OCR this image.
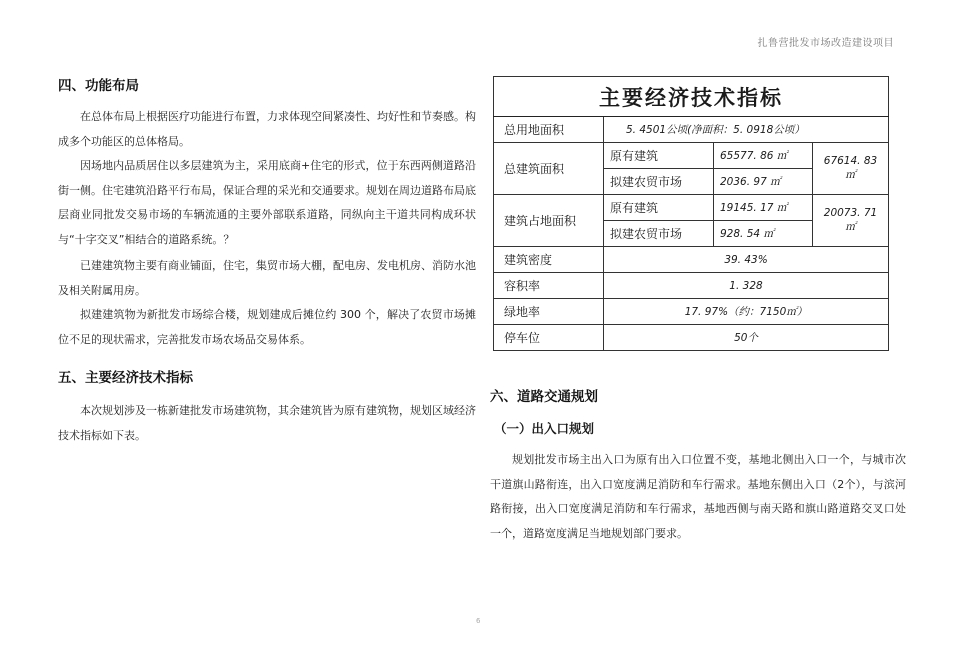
扎鲁营批发市场改造建设项目
四、功能布局

在总体布局上根据医疗功能进行布置，力求体现空间紧凑性、均好性和节奏感。构成多个功能区的总体格局。

因场地内品质居住以多层建筑为主，采用底商+住宅的形式，位于东西两侧道路沿街一侧。住宅建筑沿路平行布局，保证合理的采光和交通要求。规划在周边道路布局底层商业同批发交易市场的车辆流通的主要外部联系道路，同纵向主干道共同构成环状与“十字交叉”相结合的道路系统。？

已建建筑物主要有商业铺面，住宅，集贸市场大棚，配电房、发电机房、消防水池及相关附属用房。

拟建建筑物为新批发市场综合楼，规划建成后摊位约 300 个，解决了农贸市场摊位不足的现状需求，完善批发市场农场品交易体系。

五、主要经济技术指标

本次规划涉及一栋新建批发市场建筑物，其余建筑皆为原有建筑物，规划区域经济技术指标如下表。

主要经济技术指标			
总用地面积	5. 4501公顷(净面积：5. 0918公顷）		
总建筑面积	原有建筑	65577. 86 ㎡	67614. 83 ㎡
	拟建农贸市场	2036. 97 ㎡	
建筑占地面积	原有建筑	19145. 17 ㎡	20073. 71㎡
	拟建农贸市场	928. 54 ㎡	
建筑密度	39. 43%		
容积率	1. 328		
绿地率	17. 97%（约：7150㎡）		
停车位	50个		
六、道路交通规划
（一）出入口规划

规划批发市场主出入口为原有出入口位置不变，基地北侧出入口一个，与城市次干道旗山路衔连，出入口宽度满足消防和车行需求。基地东侧出入口（2个），与滨河路衔接，出入口宽度满足消防和车行需求，基地西侧与南天路和旗山路道路交叉口处一个，道路宽度满足当地规划部门要求。

6
